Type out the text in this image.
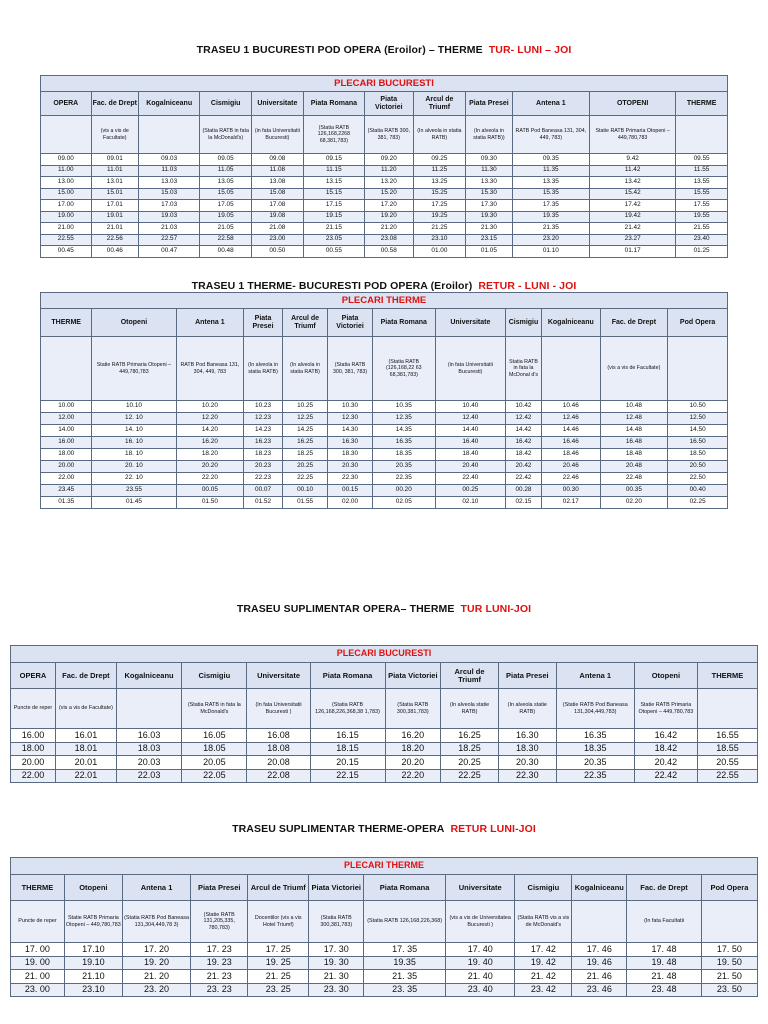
TRASEU 1 BUCURESTI POD OPERA (Eroilor) – THERME TUR- LUNI – JOI
PLECARI BUCURESTI											
OPERA	Fac. de Drept	Kogalniceanu	Cismigiu	Universitate	Piata Romana	Piata Victoriei	Arcul de Triumf	Piata Presei	Antena 1	OTOPENI	THERME
	(vis a vis de Facultate)		(Statia RATB in fata la McDonald's)	(in fata Universitatii Bucuresti)	(Statia RATB 126,168,2268 68,381,783)	(Statia RATB 300, 381, 783)	(In alveola in statia RATB)	(In alveola in statia RATB))	RATB Pod Baneasa 131, 304, 449, 783)	Statie RATB Primaria Otopeni – 449,780,783	
09.00	09.01	09.03	09.05	09.08	09.15	09.20	09.25	09.30	09.35	9.42	09.55
11.00	11.01	11.03	11.05	11.08	11.15	11.20	11.25	11.30	11.35	11.42	11.55
13.00	13.01	13.03	13.05	13.08	13.15	13.20	13.25	13.30	13.35	13.42	13.55
15.00	15.01	15.03	15.05	15.08	15.15	15.20	15.25	15.30	15.35	15.42	15.55
17.00	17.01	17.03	17.05	17.08	17.15	17.20	17.25	17.30	17.35	17.42	17.55
19.00	19.01	19.03	19.05	19.08	19.15	19.20	19.25	19.30	19.35	19.42	19.55
21.00	21.01	21.03	21.05	21.08	21.15	21.20	21.25	21.30	21.35	21.42	21.55
22.55	22.56	22.57	22.58	23.00	23.05	23.08	23.10	23.15	23.20	23.27	23.40
00.45	00.46	00.47	00.48	00.50	00.55	00.58	01.00	01.05	01.10	01.17	01.25
TRASEU 1 THERME- BUCURESTI POD OPERA (Eroilor) RETUR - LUNI - JOI
PLECARI THERME											
THERME	Otopeni	Antena 1	Piata Presei	Arcul de Triumf	Piata Victoriei	Piata Romana	Universitate	Cismigiu	Kogalniceanu	Fac. de Drept	Pod Opera
	Statie RATB Primaria Otopeni – 449,780,783	RATB Pod Baneasa 131, 304, 449, 783	(In alveola in statia RATB)	(In alveola in statia RATB)	(Statia RATB 300, 381, 783)	(Statia RATB (126,168,22 63 68,381,783)	(in fata Universitatii Bucuresti)	Statia RATB in fata la McDonal d's		(vis a vis de Facultate)	
10.00	10.10	10.20	10.23	10.25	10.30	10.35	10.40	10.42	10.46	10.48	10.50
12.00	12. 10	12.20	12.23	12.25	12.30	12.35	12.40	12.42	12.46	12.48	12.50
14.00	14. 10	14.20	14.23	14.25	14.30	14.35	14.40	14.42	14.46	14.48	14.50
16.00	16. 10	16.20	16.23	16.25	16.30	16.35	16.40	16.42	16.46	16.48	16.50
18.00	18. 10	18.20	18.23	18.25	18.30	18.35	18.40	18.42	18.46	18.48	18.50
20.00	20. 10	20.20	20.23	20.25	20.30	20.35	20.40	20.42	20.46	20.48	20.50
22.00	22. 10	22.20	22.23	22.25	22.30	22.35	22.40	22.42	22.46	22.48	22.50
23.45	23.55	00.05	00.07	00.10	00.15	00.20	00.25	00.28	00.30	00.35	00.40
01.35	01.45	01.50	01.52	01.55	02.00	02.05	02.10	02.15	02.17	02.20	02.25
TRASEU SUPLIMENTAR OPERA– THERME TUR LUNI-JOI
PLECARI BUCURESTI											
OPERA	Fac. de Drept	Kogalniceanu	Cismigiu	Universitate	Piata Romana	Piata Victoriei	Arcul de Triumf	Piata Presei	Antena 1	Otopeni	THERME
Puncte de reper	(vis a vis de Facultate)		(Statia RATB in fata la McDonald's	(In fata Universitatii Bucuresti )	(Statia RATB 126,168,226,368,38 1,783)	(Statia RATB 300,381,783)	(In alveola statie RATB)	(In alveola statie RATB)	(Statie RATB Pod Baneasa 131,304,449,783)	Statie RATB Primaria Otopeni – 449,780,783	
16.00	16.01	16.03	16.05	16.08	16.15	16.20	16.25	16.30	16.35	16.42	16.55
18.00	18.01	18.03	18.05	18.08	18.15	18.20	18.25	18.30	18.35	18.42	18.55
20.00	20.01	20.03	20.05	20.08	20.15	20.20	20.25	20.30	20.35	20.42	20.55
22.00	22.01	22.03	22.05	22.08	22.15	22.20	22.25	22.30	22.35	22.42	22.55
TRASEU SUPLIMENTAR THERME-OPERA RETUR LUNI-JOI
PLECARI THERME											
THERME	Otopeni	Antena 1	Piata Presei	Arcul de Triumf	Piata Victoriei	Piata Romana	Universitate	Cismigiu	Kogalniceanu	Fac. de Drept	Pod Opera
Puncte de reper	Statie RATB Primaria Otopeni – 449,780,783	(Statia RATB Pod Baneasa 131,304,449,78 3)	(Statie RATB 131,205,335, 780,783)	Docentilor (vis a vis Hotel Triumf)	(Statia RATB 300,381,783)	(Statia RATB 126,168,226,368)	(vis a vis de Universitatea Bucuresti )	(Statia RATB vis a vis de McDonald's		(In fata Facultatii	
17. 00	17.10	17. 20	17. 23	17. 25	17. 30	17. 35	17. 40	17. 42	17. 46	17. 48	17. 50
19. 00	19.10	19. 20	19. 23	19. 25	19. 30	19.35	19. 40	19. 42	19. 46	19. 48	19. 50
21. 00	21.10	21. 20	21. 23	21. 25	21. 30	21. 35	21. 40	21. 42	21. 46	21. 48	21. 50
23. 00	23.10	23. 20	23. 23	23. 25	23. 30	23. 35	23. 40	23. 42	23. 46	23. 48	23. 50
